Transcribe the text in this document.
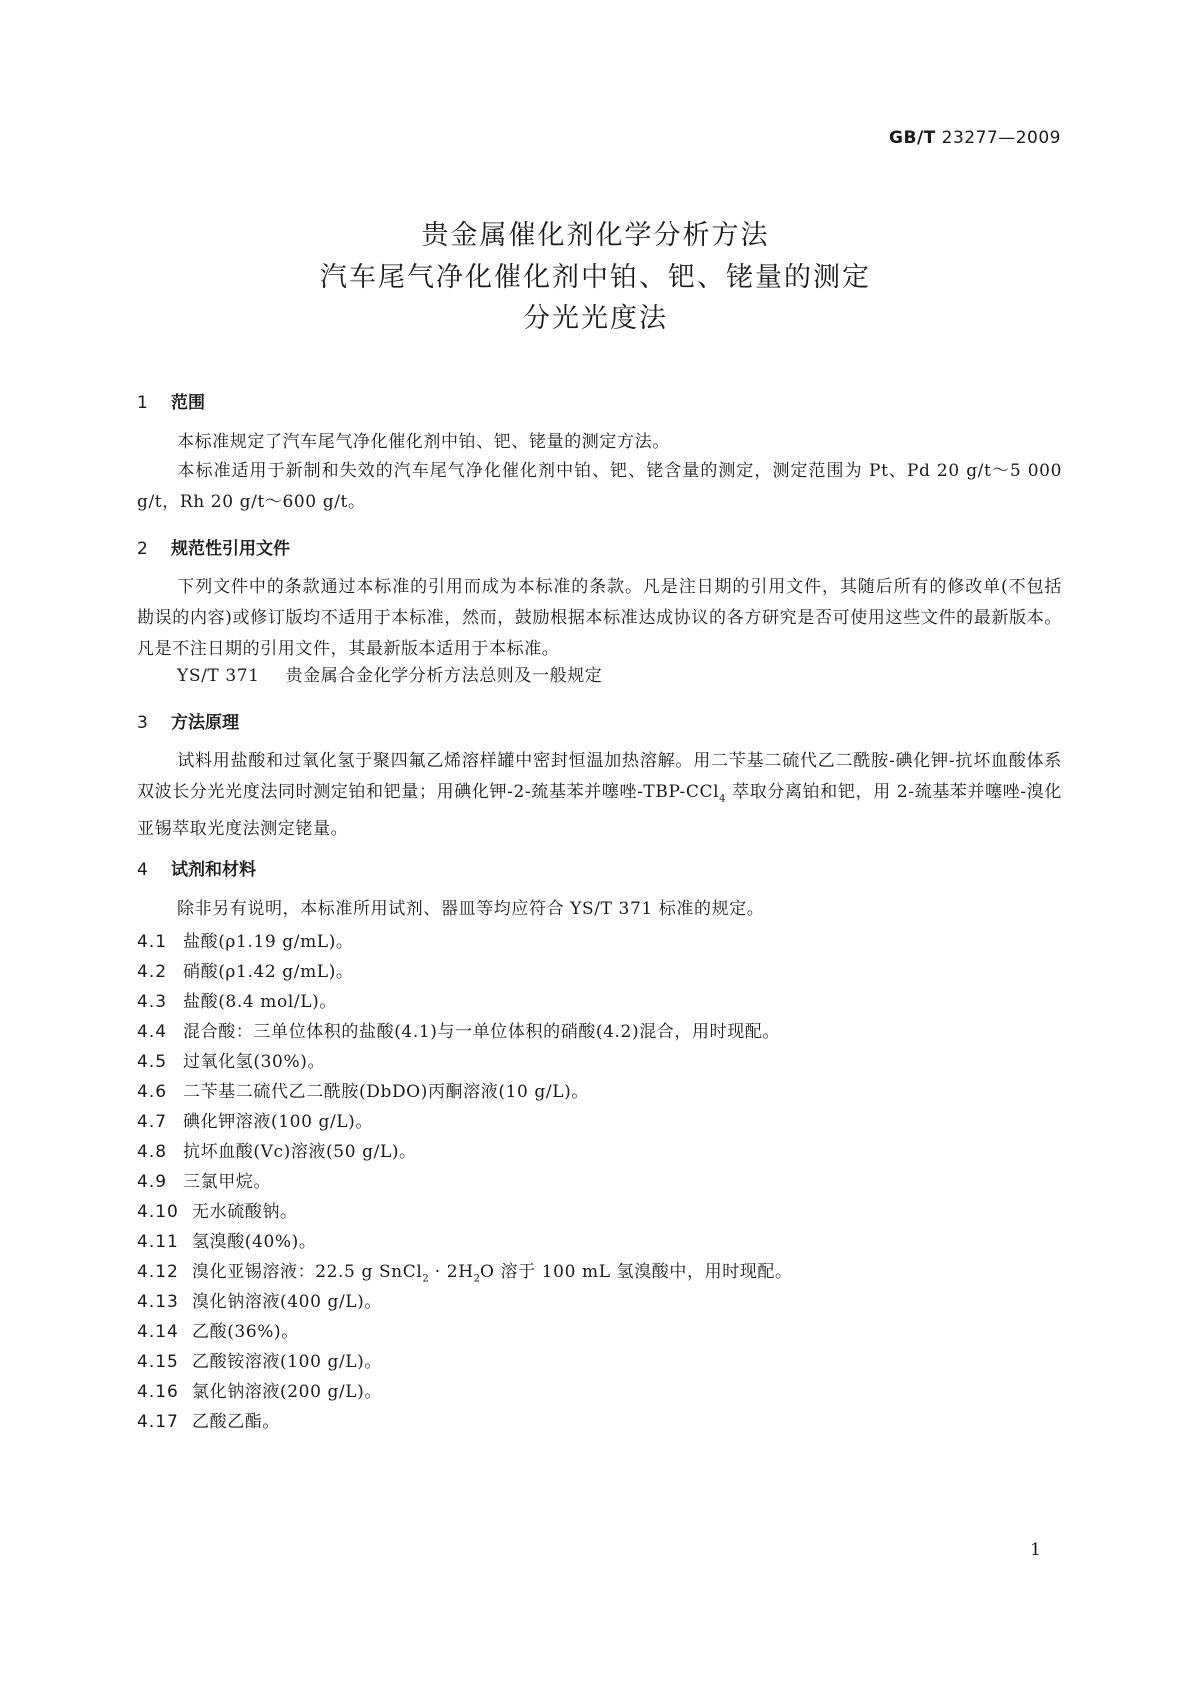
GB/T 23277—2009
贵金属催化剂化学分析方法
汽车尾气净化催化剂中铂、钯、铑量的测定
分光光度法
1 范围
本标准规定了汽车尾气净化催化剂中铂、钯、铑量的测定方法。
本标准适用于新制和失效的汽车尾气净化催化剂中铂、钯、铑含量的测定，测定范围为 Pt、Pd 20 g/t～5 000 g/t，Rh 20 g/t～600 g/t。
2 规范性引用文件
下列文件中的条款通过本标准的引用而成为本标准的条款。凡是注日期的引用文件，其随后所有的修改单(不包括勘误的内容)或修订版均不适用于本标准，然而，鼓励根据本标准达成协议的各方研究是否可使用这些文件的最新版本。凡是不注日期的引用文件，其最新版本适用于本标准。
YS/T 371 贵金属合金化学分析方法总则及一般规定
3 方法原理
试料用盐酸和过氧化氢于聚四氟乙烯溶样罐中密封恒温加热溶解。用二苄基二硫代乙二酰胺-碘化钾-抗坏血酸体系双波长分光光度法同时测定铂和钯量；用碘化钾-2-巯基苯并噻唑-TBP-CCl$_4$ 萃取分离铂和钯，用 2-巯基苯并噻唑-溴化亚锡萃取光度法测定铑量。
4 试剂和材料
除非另有说明，本标准所用试剂、器皿等均应符合 YS/T 371 标准的规定。
4.1 盐酸(ρ1.19 g/mL)。
4.2 硝酸(ρ1.42 g/mL)。
4.3 盐酸(8.4 mol/L)。
4.4 混合酸：三单位体积的盐酸(4.1)与一单位体积的硝酸(4.2)混合，用时现配。
4.5 过氧化氢(30%)。
4.6 二苄基二硫代乙二酰胺(DbDO)丙酮溶液(10 g/L)。
4.7 碘化钾溶液(100 g/L)。
4.8 抗坏血酸(Vc)溶液(50 g/L)。
4.9 三氯甲烷。
4.10 无水硫酸钠。
4.11 氢溴酸(40%)。
4.12 溴化亚锡溶液：22.5 g SnCl$_2$ · $2H_2O$ 溶于 100 mL 氢溴酸中，用时现配。
4.13 溴化钠溶液(400 g/L)。
4.14 乙酸(36%)。
4.15 乙酸铵溶液(100 g/L)。
4.16 氯化钠溶液(200 g/L)。
4.17 乙酸乙酯。
1
